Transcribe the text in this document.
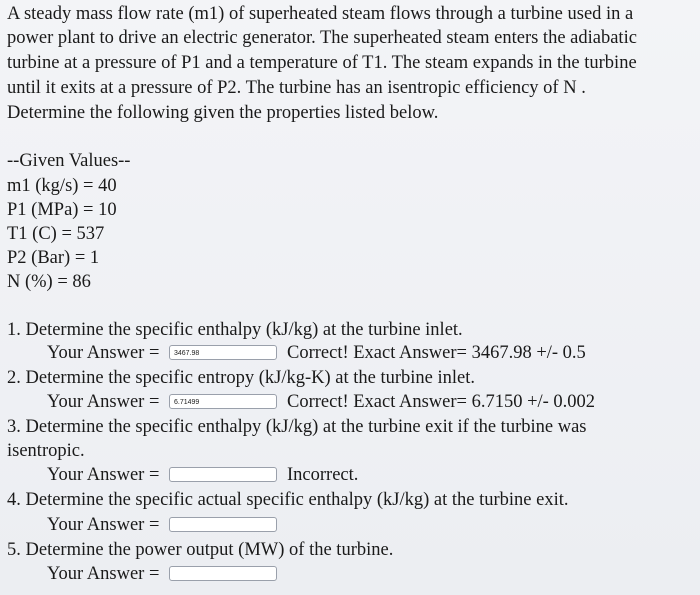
A steady mass flow rate (m1) of superheated steam flows through a turbine used in a
power plant to drive an electric generator. The superheated steam enters the adiabatic
turbine at a pressure of P1 and a temperature of T1. The steam expands in the turbine
until it exits at a pressure of P2. The turbine has an isentropic efficiency of N .
Determine the following given the properties listed below.
--Given Values--
m1 (kg/s) = 40
P1 (MPa) = 10
T1 (C) = 537
P2 (Bar) = 1
N (%) = 86
1. Determine the specific enthalpy (kJ/kg) at the turbine inlet.
Your Answer =	3467.98	Correct! Exact Answer= 3467.98 +/- 0.5
2. Determine the specific entropy (kJ/kg-K) at the turbine inlet.
Your Answer =	6.71499	Correct! Exact Answer= 6.7150 +/- 0.002
3. Determine the specific enthalpy (kJ/kg) at the turbine exit if the turbine was
isentropic.
Your Answer =	Incorrect.
4. Determine the specific actual specific enthalpy (kJ/kg) at the turbine exit.
Your Answer =
5. Determine the power output (MW) of the turbine.
Your Answer =
